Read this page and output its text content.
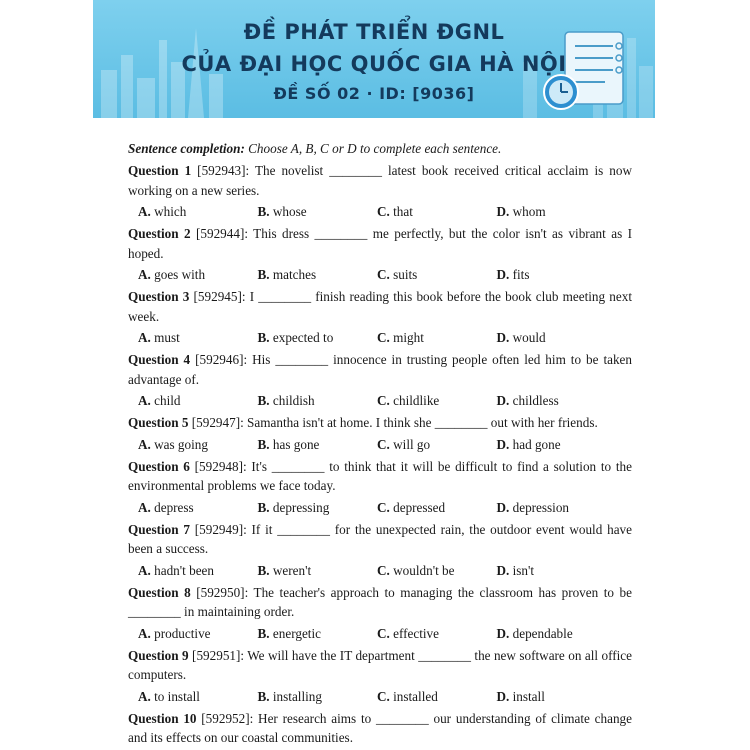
ĐỀ PHÁT TRIỂN ĐGNL
CỦA ĐẠI HỌC QUỐC GIA HÀ NỘI
ĐỀ SỐ 02 · ID: [9036]
Sentence completion: Choose A, B, C or D to complete each sentence.
Question 1 [592943]: The novelist ________ latest book received critical acclaim is now working on a new series.
A. which	B. whose	C. that	D. whom
Question 2 [592944]: This dress ________ me perfectly, but the color isn't as vibrant as I hoped.
A. goes with	B. matches	C. suits	D. fits
Question 3 [592945]: I ________ finish reading this book before the book club meeting next week.
A. must	B. expected to	C. might	D. would
Question 4 [592946]: His ________ innocence in trusting people often led him to be taken advantage of.
A. child	B. childish	C. childlike	D. childless
Question 5 [592947]: Samantha isn't at home. I think she ________ out with her friends.
A. was going	B. has gone	C. will go	D. had gone
Question 6 [592948]: It's ________ to think that it will be difficult to find a solution to the environmental problems we face today.
A. depress	B. depressing	C. depressed	D. depression
Question 7 [592949]: If it ________ for the unexpected rain, the outdoor event would have been a success.
A. hadn't been	B. weren't	C. wouldn't be	D. isn't
Question 8 [592950]: The teacher's approach to managing the classroom has proven to be ________ in maintaining order.
A. productive	B. energetic	C. effective	D. dependable
Question 9 [592951]: We will have the IT department ________ the new software on all office computers.
A. to install	B. installing	C. installed	D. install
Question 10 [592952]: Her research aims to ________ our understanding of climate change and its effects on our coastal communities.
